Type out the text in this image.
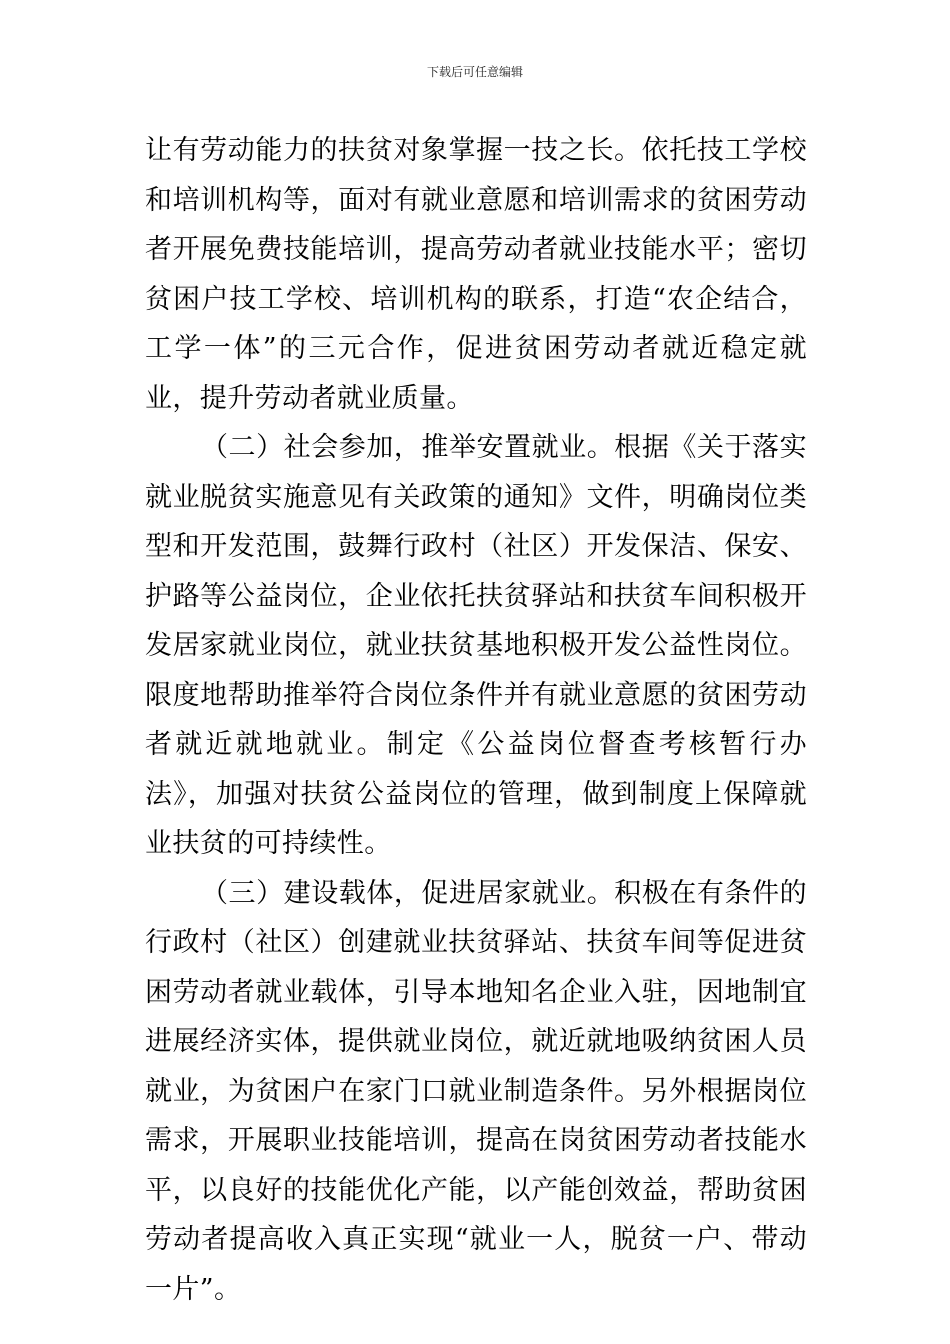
下载后可任意编辑

让有劳动能力的扶贫对象掌握一技之长。依托技工学校和培训机构等，面对有就业意愿和培训需求的贫困劳动者开展免费技能培训，提高劳动者就业技能水平；密切贫困户技工学校、培训机构的联系，打造“农企结合，工学一体”的三元合作，促进贫困劳动者就近稳定就业，提升劳动者就业质量。

（二）社会参加，推举安置就业。根据《关于落实就业脱贫实施意见有关政策的通知》文件，明确岗位类型和开发范围，鼓舞行政村（社区）开发保洁、保安、护路等公益岗位，企业依托扶贫驿站和扶贫车间积极开发居家就业岗位，就业扶贫基地积极开发公益性岗位。限度地帮助推举符合岗位条件并有就业意愿的贫困劳动者就近就地就业。制定《公益岗位督查考核暂行办法》，加强对扶贫公益岗位的管理，做到制度上保障就业扶贫的可持续性。

（三）建设载体，促进居家就业。积极在有条件的行政村（社区）创建就业扶贫驿站、扶贫车间等促进贫困劳动者就业载体，引导本地知名企业入驻，因地制宜进展经济实体，提供就业岗位，就近就地吸纳贫困人员就业，为贫困户在家门口就业制造条件。另外根据岗位需求，开展职业技能培训，提高在岗贫困劳动者技能水平，以良好的技能优化产能，以产能创效益，帮助贫困劳动者提高收入真正实现“就业一人，脱贫一户、带动一片”。
